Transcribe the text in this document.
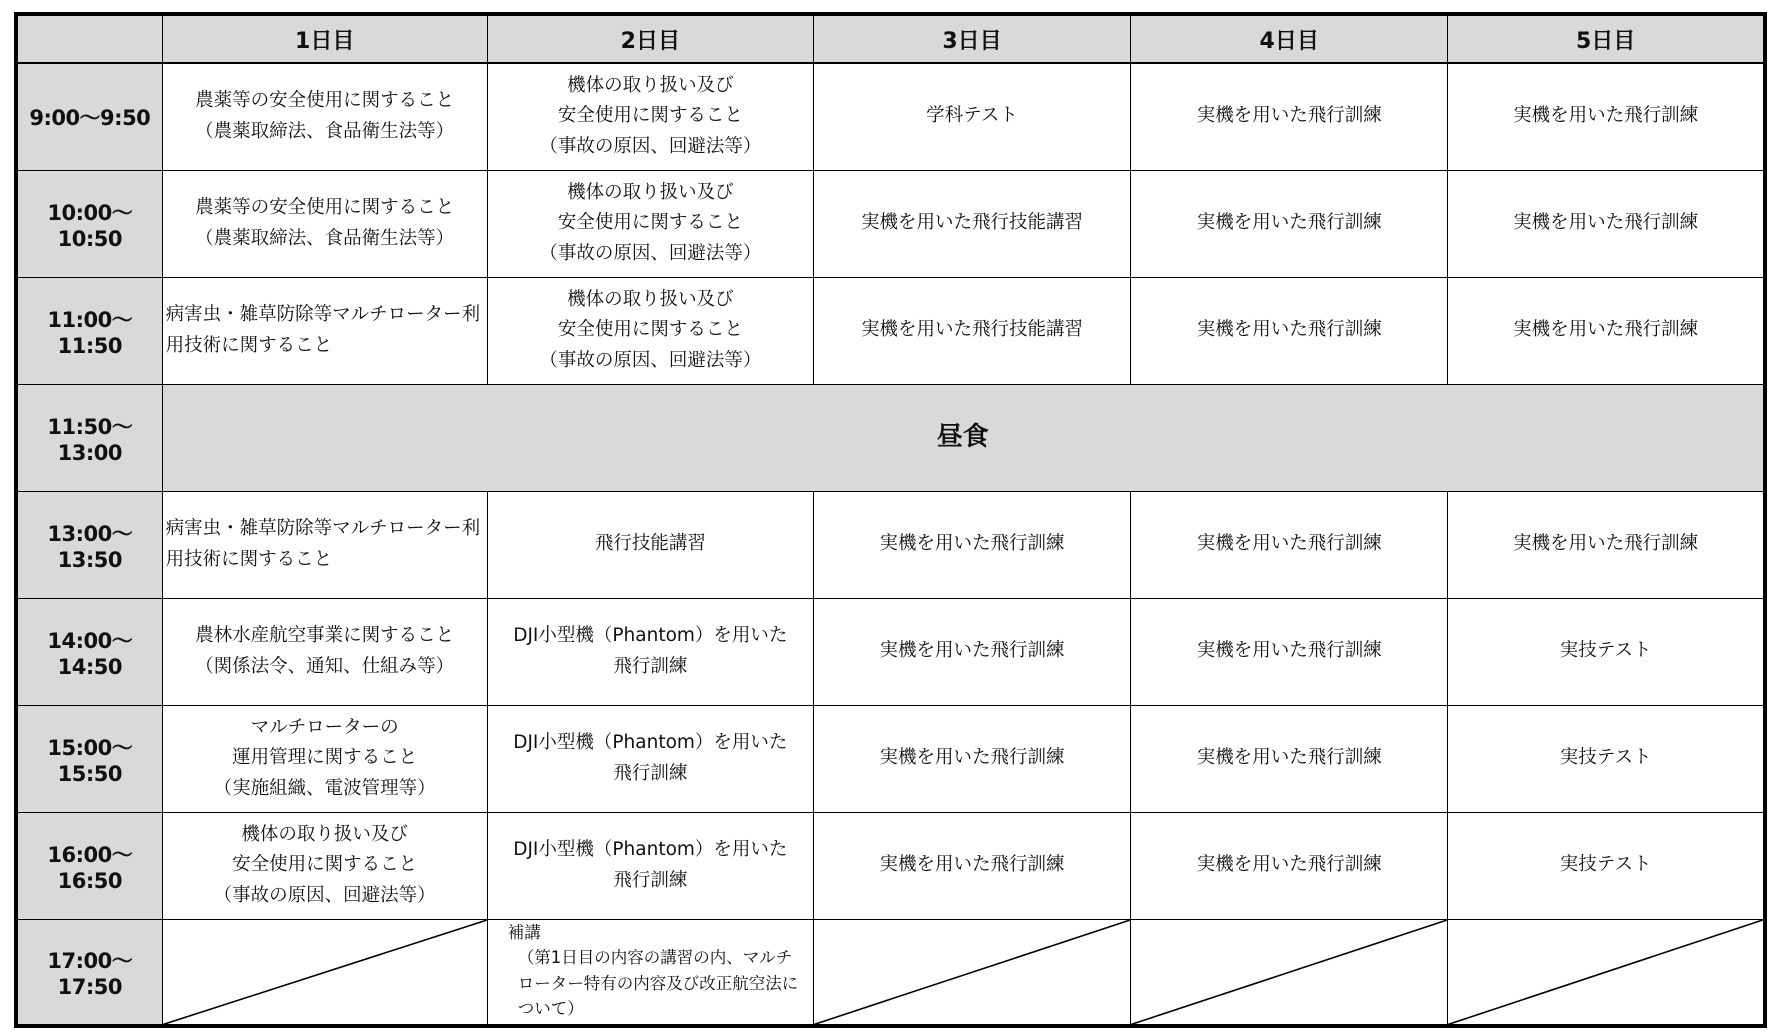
	1日目	2日目	3日目	4日目	5日目
9:00～9:50	農薬等の安全使用に関すること
（農薬取締法、食品衛生法等）	機体の取り扱い及び
安全使用に関すること
（事故の原因、回避法等）	学科テスト	実機を用いた飛行訓練	実機を用いた飛行訓練
10:00～10:50	農薬等の安全使用に関すること
（農薬取締法、食品衛生法等）	機体の取り扱い及び
安全使用に関すること
（事故の原因、回避法等）	実機を用いた飛行技能講習	実機を用いた飛行訓練	実機を用いた飛行訓練
11:00～11:50	病害虫・雑草防除等マルチローター利
用技術に関すること	機体の取り扱い及び
安全使用に関すること
（事故の原因、回避法等）	実機を用いた飛行技能講習	実機を用いた飛行訓練	実機を用いた飛行訓練
11:50～13:00	昼食				
13:00～13:50	病害虫・雑草防除等マルチローター利
用技術に関すること	飛行技能講習	実機を用いた飛行訓練	実機を用いた飛行訓練	実機を用いた飛行訓練
14:00～14:50	農林水産航空事業に関すること
（関係法令、通知、仕組み等）	DJI小型機（Phantom）を用いた
飛行訓練	実機を用いた飛行訓練	実機を用いた飛行訓練	実技テスト
15:00～15:50	マルチローターの
運用管理に関すること
（実施組織、電波管理等）	DJI小型機（Phantom）を用いた
飛行訓練	実機を用いた飛行訓練	実機を用いた飛行訓練	実技テスト
16:00～16:50	機体の取り扱い及び
安全使用に関すること
（事故の原因、回避法等）	DJI小型機（Phantom）を用いた
飛行訓練	実機を用いた飛行訓練	実機を用いた飛行訓練	実技テスト
17:00～17:50		補講
（第1日目の内容の講習の内、マルチ
ローター特有の内容及び改正航空法に
ついて）
